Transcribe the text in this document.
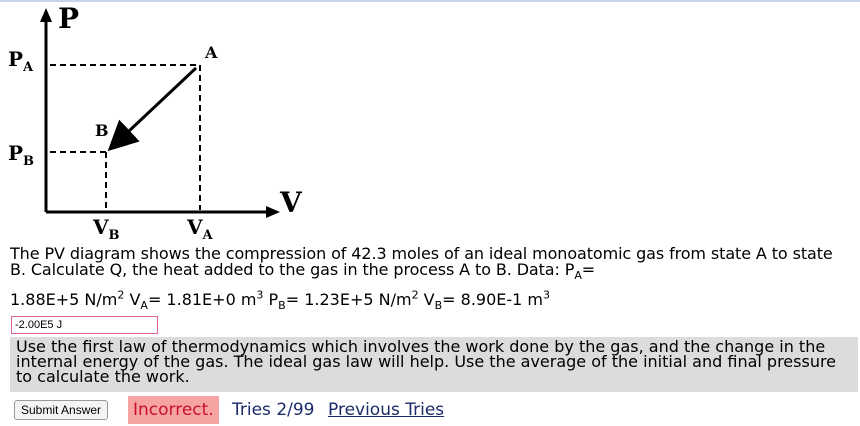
P
V
$P_A$
$P_B$
$V_B$	$V_A$
A
B
The PV diagram shows the compression of 42.3 moles of an ideal monoatomic gas from state A to state B. Calculate Q, the heat added to the gas in the process A to B. Data: $P_A=$
1.88E+5 $N/m^2$ $V_A= 1.81E+0$ $m^3$ $P_B= 1.23E+5$ $N/m^2$ $V_B= 8.90E-1$ $m^3$
-2.00E5 J
Use the first law of thermodynamics which involves the work done by the gas, and the change in the internal energy of the gas. The ideal gas law will help. Use the average of the initial and final pressure to calculate the work.
Submit Answer	Incorrect. Tries 2/99 Previous Tries
